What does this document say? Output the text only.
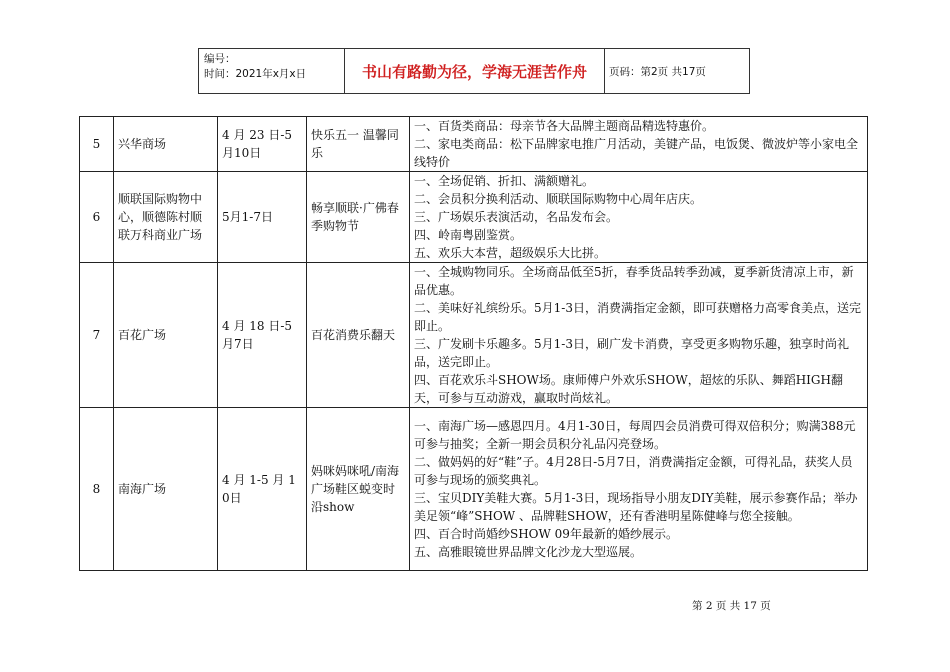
编号：
时间：2021年x月x日	书山有路勤为径，学海无涯苦作舟	页码：第2页 共17页
5	兴华商场	4 月 23 日-5 月10日	快乐五一 温馨同乐	一、百货类商品：母亲节各大品牌主题商品精选特惠价。
二、家电类商品：松下品牌家电推广月活动，美键产品，电饭煲、微波炉等小家电全线特价

6	顺联国际购物中心，顺德陈村顺联万科商业广场	5月1-7日	畅享顺联·广佛春季购物节	一、全场促销、折扣、满额赠礼。
二、会员积分换利活动、顺联国际购物中心周年店庆。
三、广场娱乐表演活动，名品发布会。
四、岭南粤剧鉴赏。
五、欢乐大本营，超级娱乐大比拼。

7	百花广场	4 月 18 日-5 月7日	百花消费乐翻天	一、全城购物同乐。全场商品低至5折，春季货品转季劲减，夏季新货清凉上市，新品优惠。
二、美味好礼缤纷乐。5月1-3日，消费满指定金额，即可获赠格力高零食美点，送完即止。
三、广发刷卡乐趣多。5月1-3日，刷广发卡消费，享受更多购物乐趣，独享时尚礼品，送完即止。
四、百花欢乐斗SHOW场。康师傅户外欢乐SHOW，超炫的乐队、舞蹈HIGH翻天，可参与互动游戏，赢取时尚炫礼。

8	南海广场	4 月 1-5 月 10日	妈咪妈咪吼/南海广场鞋区蜕变时沿show	一、南海广场—感恩四月。4月1-30日，每周四会员消费可得双倍积分；购满388元可参与抽奖；全新一期会员积分礼品闪亮登场。
二、做妈妈的好“鞋”子。4月28日-5月7日，消费满指定金额，可得礼品，获奖人员可参与现场的颁奖典礼。
三、宝贝DIY美鞋大赛。5月1-3日，现场指导小朋友DIY美鞋，展示参赛作品；举办美足领“峰”SHOW 、品牌鞋SHOW，还有香港明星陈健峰与您全接触。
四、百合时尚婚纱SHOW 09年最新的婚纱展示。
五、高雅眼镜世界品牌文化沙龙大型巡展。
第 2 页 共 17 页
